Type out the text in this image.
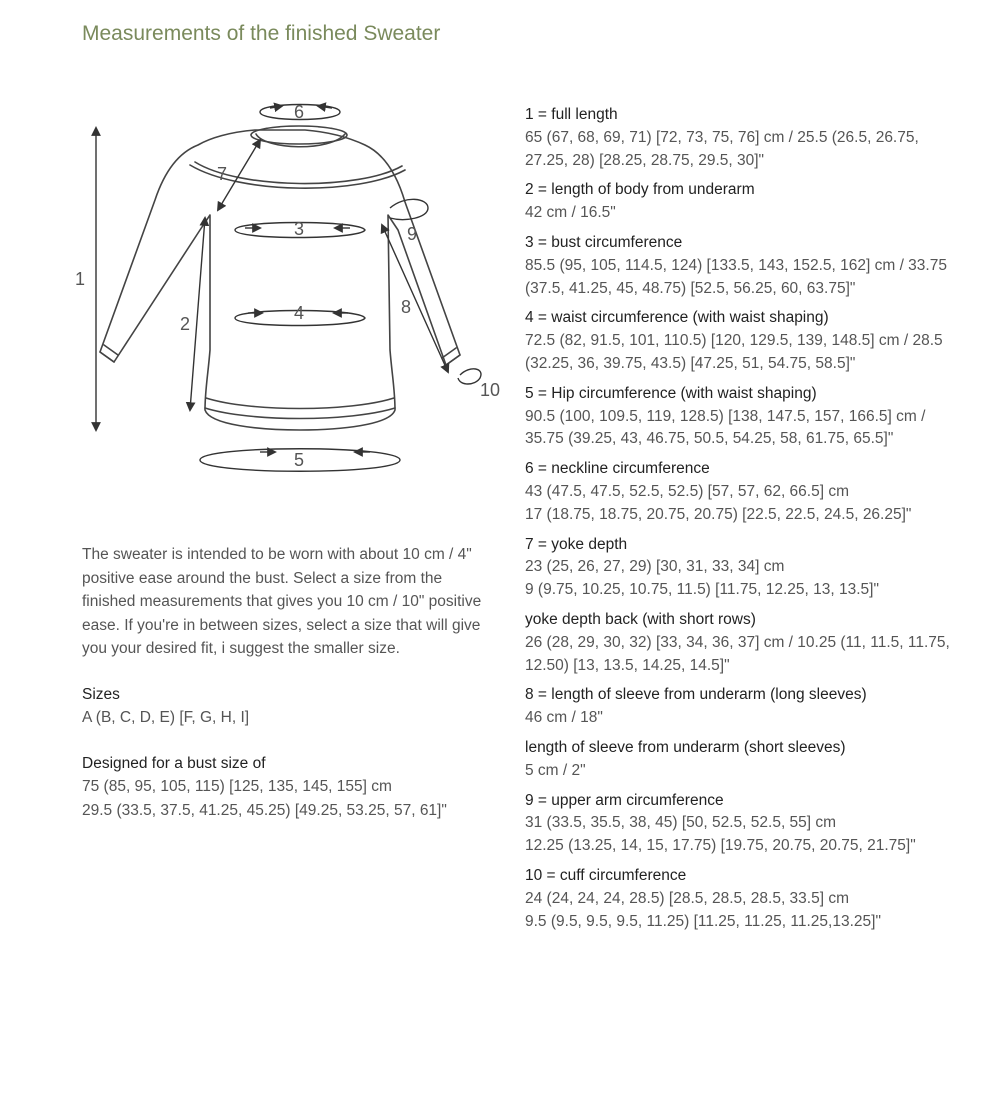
Measurements of the finished Sweater
1
2
3
4
5
6
7
8
9
10

The sweater is intended to be worn with about 10 cm / 4" positive ease around the bust. Select a size from the finished measurements that gives you 10 cm / 10" positive ease. If you're in between sizes, select a size that will give you your desired fit, i suggest the smaller size.

Sizes
A (B, C, D, E) [F, G, H, I]
Designed for a bust size of
75 (85, 95, 105, 115) [125, 135, 145, 155] cm
29.5 (33.5, 37.5, 41.25, 45.25) [49.25, 53.25, 57, 61]"
1 = full length
65 (67, 68, 69, 71) [72, 73, 75, 76] cm / 25.5 (26.5, 26.75, 27.25, 28) [28.25, 28.75, 29.5, 30]"
2 = length of body from underarm
42 cm / 16.5"
3 = bust circumference
85.5 (95, 105, 114.5, 124) [133.5, 143, 152.5, 162] cm / 33.75 (37.5, 41.25, 45, 48.75) [52.5, 56.25, 60, 63.75]"
4 = waist circumference (with waist shaping)
72.5 (82, 91.5, 101, 110.5) [120, 129.5, 139, 148.5] cm / 28.5 (32.25, 36, 39.75, 43.5) [47.25, 51, 54.75, 58.5]"
5 = Hip circumference (with waist shaping)
90.5 (100, 109.5, 119, 128.5) [138, 147.5, 157, 166.5] cm / 35.75 (39.25, 43, 46.75, 50.5, 54.25, 58, 61.75, 65.5]"
6 = neckline circumference
43 (47.5, 47.5, 52.5, 52.5) [57, 57, 62, 66.5] cm
17 (18.75, 18.75, 20.75, 20.75) [22.5, 22.5, 24.5, 26.25]"
7 = yoke depth
23 (25, 26, 27, 29) [30, 31, 33, 34] cm
9 (9.75, 10.25, 10.75, 11.5) [11.75, 12.25, 13, 13.5]"
yoke depth back (with short rows)
26 (28, 29, 30, 32) [33, 34, 36, 37] cm / 10.25 (11, 11.5, 11.75, 12.50) [13, 13.5, 14.25, 14.5]"
8 = length of sleeve from underarm (long sleeves)
46 cm / 18"
length of sleeve from underarm (short sleeves)
5 cm / 2"
9 = upper arm circumference
31 (33.5, 35.5, 38, 45) [50, 52.5, 52.5, 55] cm
12.25 (13.25, 14, 15, 17.75) [19.75, 20.75, 20.75, 21.75]"
10 = cuff circumference
24 (24, 24, 24, 28.5) [28.5, 28.5, 28.5, 33.5] cm
9.5 (9.5, 9.5, 9.5, 11.25) [11.25, 11.25, 11.25,13.25]"
